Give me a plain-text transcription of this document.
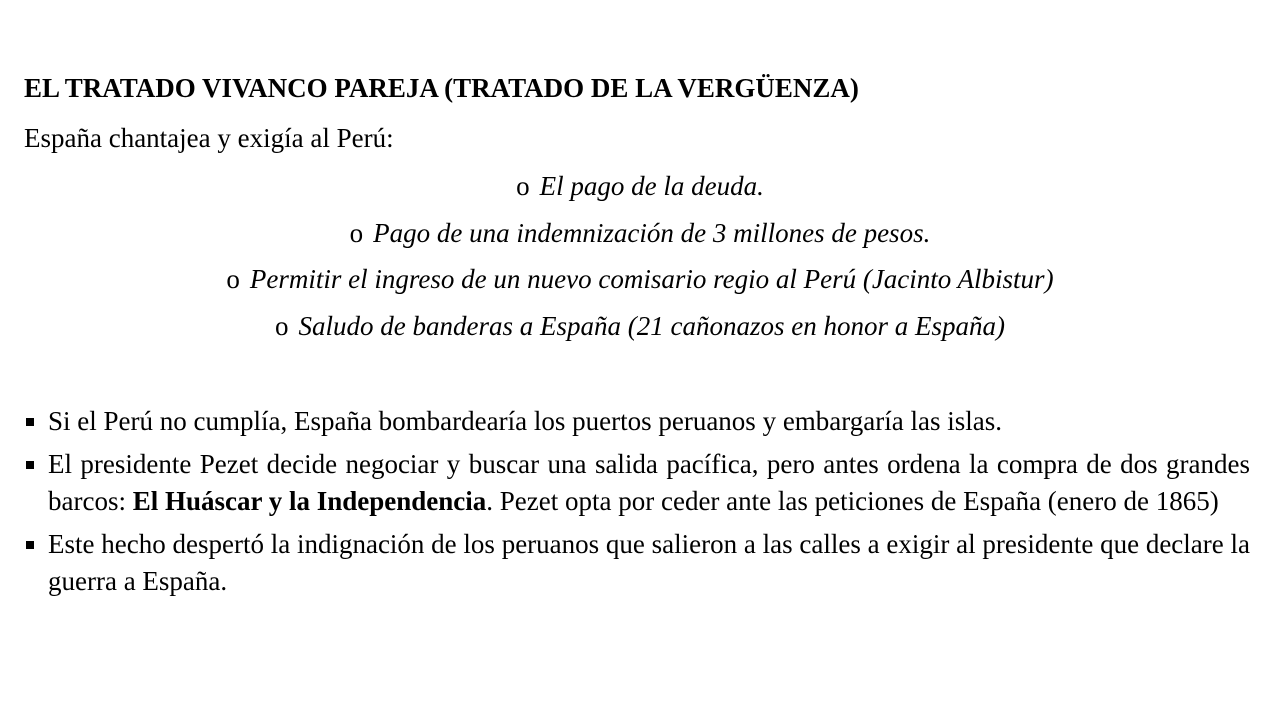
EL TRATADO VIVANCO PAREJA (TRATADO DE LA VERGÜENZA)
España chantajea y exigía al Perú:
o El pago de la deuda.
o Pago de una indemnización de 3 millones de pesos.
o Permitir el ingreso de un nuevo comisario regio al Perú (Jacinto Albistur)
o Saludo de banderas a España (21 cañonazos en honor a España)
Si el Perú no cumplía, España bombardearía los puertos peruanos y embargaría las islas.
El presidente Pezet decide negociar y buscar una salida pacífica, pero antes ordena la compra de dos grandes barcos: El Huáscar y la Independencia. Pezet opta por ceder ante las peticiones de España (enero de 1865)
Este hecho despertó la indignación de los peruanos que salieron a las calles a exigir al presidente que declare la guerra a España.
